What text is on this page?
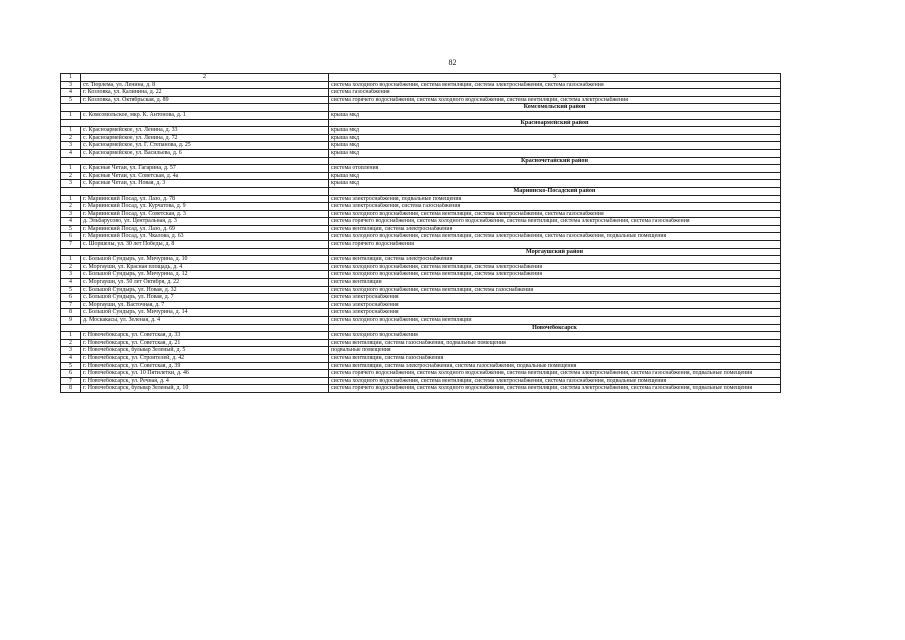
82
1	2	3
3	ст. Тюрлема, ул. Ленина, д. 8	система холодного водоснабжения, система вентиляции, система электроснабжения, система газоснабжения
4	г. Козловка, ул. Калинина, д. 22	система газоснабжения
5	г. Козловка, ул. Октябрьская, д. 89	система горячего водоснабжения, система холодного водоснабжения, система вентиляции, система электроснабжения
		Комсомольский район
1	с. Комсомольское, мкр. К. Антоновa, д. 1	крыша мкд
		Красноармейский район
1	с. Красноармейское, ул. Ленина, д. 33	крыша мкд
2	с. Красноармейское, ул. Ленина, д. 72	крыша мкд
3	с. Красноармейское, ул. Г. Степанова, д. 25	крыша мкд
4	с. Красноармейское, ул. Васильева, д. 6	крыша мкд
		Красночетайский район
1	с. Красные Четаи, ул. Гагарина, д. 57	система отопления
2	с. Красные Четаи, ул. Советская, д. 4а	крыша мкд
3	с. Красные Четаи, ул. Новая, д. 3	крыша мкд
		Мариинско-Посадский район
1	г. Мариинский Посад, ул. Лазо, д. 78	система электроснабжения, подвальные помещения
2	г. Мариинский Посад, ул. Курчатова, д. 9	система электроснабжения, система газоснабжения
3	г. Мариинский Посад, ул. Советская, д. 3	система холодного водоснабжения, система вентиляции, система электроснабжения, система газоснабжения
4	д. Эльбарусово, ул. Центральная, д. 3	система горячего водоснабжения, система холодного водоснабжения, система вентиляции, система электроснабжения, система газоснабжения
5	г. Мариинский Посад, ул. Лазо, д. 69	система вентиляции, система электроснабжения
6	г. Мариинский Посад, ул. Чкалова, д. 63	система холодного водоснабжения, система вентиляции, система электроснабжения, система газоснабжения, подвальные помещения
7	с. Шоршелы, ул. 30 лет Победы, д. 8	система горячего водоснабжения
		Моргаушский район
1	с. Большой Сундырь, ул. Мичурина, д. 10	система вентиляции, система электроснабжения
2	с. Моргауши, ул. Красная площадь, д. 4	система холодного водоснабжения, система вентиляции, система электроснабжения
3	с. Большой Сундырь, ул. Мичурина, д. 12	система холодного водоснабжения, система вентиляции, система электроснабжения
4	с. Моргауши, ул. 50 лет Октября, д. 22	система вентиляции
5	с. Большой Сундырь, ул. Новая, д. 32	система холодного водоснабжения, система вентиляции, система газоснабжения
6	с. Большой Сундырь, ул. Новая, д. 7	система электроснабжения
7	с. Моргауши, ул. Васточная, д. 7	система электроснабжения
8	с. Большой Сундырь, ул. Мичурина, д. 14	система электроснабжения
9	д. Москакасы, ул. Зеленая, д. 4	система холодного водоснабжения, система вентиляции
		Новочебоксарск
1	г. Новочебоксарск, ул. Советская, д. 33	система холодного водоснабжения
2	г. Новочебоксарск, ул. Советская, д. 21	система вентиляции, система газоснабжения, подвальные помещения
3	г. Новочебоксарск, бульвар Зеленый, д. 5	подвальные помещения
4	г. Новочебоксарск, ул. Строителей, д. 42	система вентиляции, система газоснабжения
5	г. Новочебоксарск, ул. Советская, д. 39	система вентиляции, система электроснабжения, система газоснабжения, подвальные помещения
6	г. Новочебоксарск, ул. 10 Пятилетки, д. 46	система горячего водоснабжения, система холодного водоснабжения, система вентиляции, система электроснабжения, система газоснабжения, подвальные помещения
7	г. Новочебоксарск, ул. Речная, д. 4	система холодного водоснабжения, система вентиляции, система электроснабжения, система газоснабжения, подвальные помещения
8	г. Новочебоксарск, бульвар Зеленый, д. 10	система горячего водоснабжения, система холодного водоснабжения, система вентиляции, система электроснабжения, система газоснабжения, подвальные помещения
